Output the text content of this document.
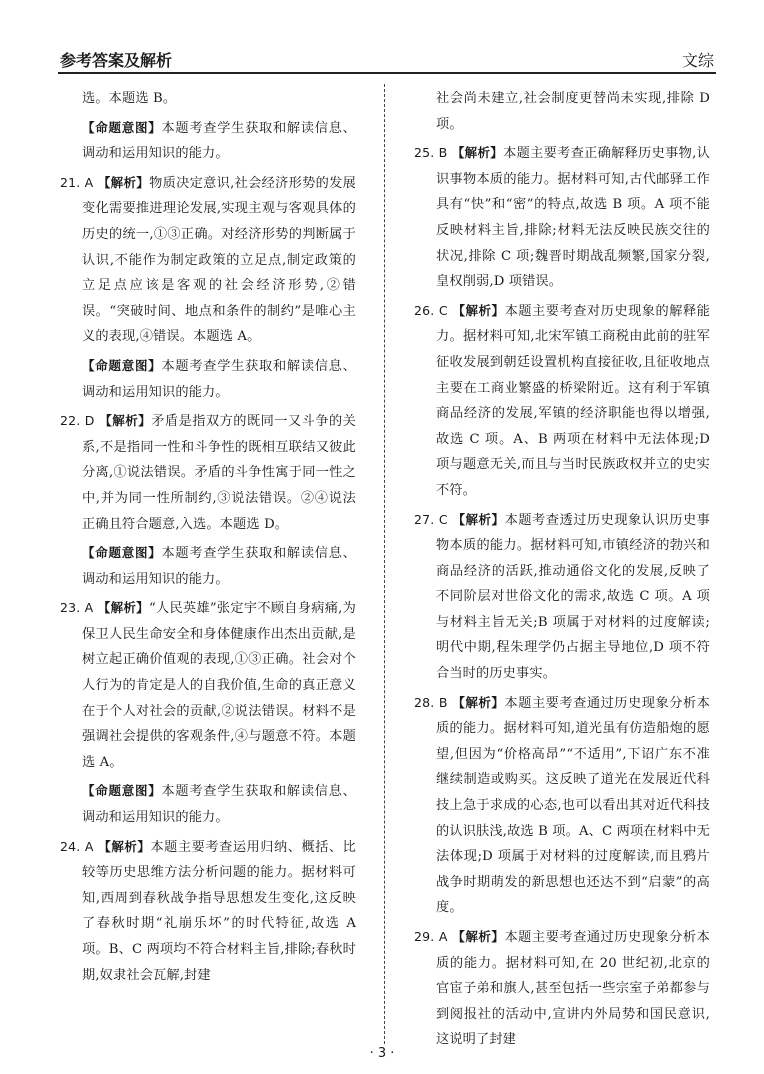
参考答案及解析	文综

选。本题选 B。

【命题意图】本题考查学生获取和解读信息、调动和运用知识的能力。

21. A 【解析】物质决定意识,社会经济形势的发展变化需要推进理论发展,实现主观与客观具体的历史的统一,①③正确。对经济形势的判断属于认识,不能作为制定政策的立足点,制定政策的立足点应该是客观的社会经济形势,②错误。“突破时间、地点和条件的制约”是唯心主义的表现,④错误。本题选 A。

【命题意图】本题考查学生获取和解读信息、调动和运用知识的能力。

22. D 【解析】矛盾是指双方的既同一又斗争的关系,不是指同一性和斗争性的既相互联结又彼此分离,①说法错误。矛盾的斗争性寓于同一性之中,并为同一性所制约,③说法错误。②④说法正确且符合题意,入选。本题选 D。

【命题意图】本题考查学生获取和解读信息、调动和运用知识的能力。

23. A 【解析】“人民英雄”张定宇不顾自身病痛,为保卫人民生命安全和身体健康作出杰出贡献,是树立起正确价值观的表现,①③正确。社会对个人行为的肯定是人的自我价值,生命的真正意义在于个人对社会的贡献,②说法错误。材料不是强调社会提供的客观条件,④与题意不符。本题选 A。

【命题意图】本题考查学生获取和解读信息、调动和运用知识的能力。

24. A 【解析】本题主要考查运用归纳、概括、比较等历史思维方法分析问题的能力。据材料可知,西周到春秋战争指导思想发生变化,这反映了春秋时期“礼崩乐坏”的时代特征,故选 A 项。B、C 两项均不符合材料主旨,排除;春秋时期,奴隶社会瓦解,封建

社会尚未建立,社会制度更替尚未实现,排除 D 项。

25. B 【解析】本题主要考查正确解释历史事物,认识事物本质的能力。据材料可知,古代邮驿工作具有“快”和“密”的特点,故选 B 项。A 项不能反映材料主旨,排除;材料无法反映民族交往的状况,排除 C 项;魏晋时期战乱频繁,国家分裂,皇权削弱,D 项错误。

26. C 【解析】本题主要考查对历史现象的解释能力。据材料可知,北宋军镇工商税由此前的驻军征收发展到朝廷设置机构直接征收,且征收地点主要在工商业繁盛的桥梁附近。这有利于军镇商品经济的发展,军镇的经济职能也得以增强,故选 C 项。A、B 两项在材料中无法体现;D 项与题意无关,而且与当时民族政权并立的史实不符。

27. C 【解析】本题考查透过历史现象认识历史事物本质的能力。据材料可知,市镇经济的勃兴和商品经济的活跃,推动通俗文化的发展,反映了不同阶层对世俗文化的需求,故选 C 项。A 项与材料主旨无关;B 项属于对材料的过度解读;明代中期,程朱理学仍占据主导地位,D 项不符合当时的历史事实。

28. B 【解析】本题主要考查通过历史现象分析本质的能力。据材料可知,道光虽有仿造船炮的愿望,但因为“价格高昂”“不适用”,下诏广东不准继续制造或购买。这反映了道光在发展近代科技上急于求成的心态,也可以看出其对近代科技的认识肤浅,故选 B 项。A、C 两项在材料中无法体现;D 项属于对材料的过度解读,而且鸦片战争时期萌发的新思想也还达不到“启蒙”的高度。

29. A 【解析】本题主要考查通过历史现象分析本质的能力。据材料可知,在 20 世纪初,北京的官宦子弟和旗人,甚至包括一些宗室子弟都参与到阅报社的活动中,宣讲内外局势和国民意识,这说明了封建

· 3 ·
